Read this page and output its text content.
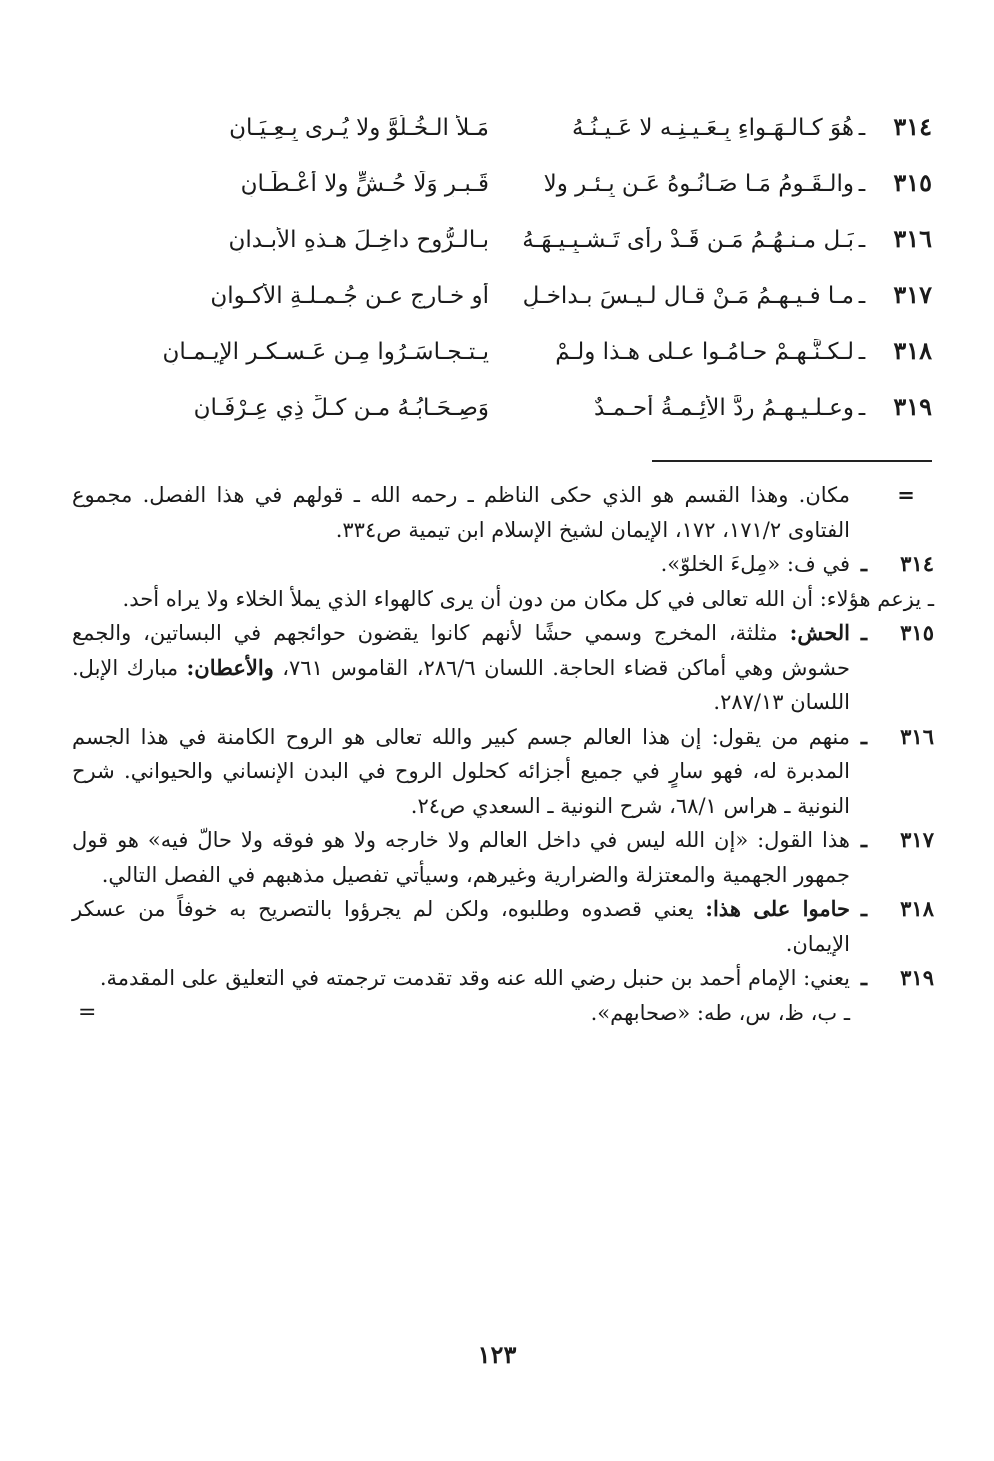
٣١٤
ـ
هُوَ كـالـهَـواءِ بِـعَـيـنِـه لا عَـيـنُـهُ
مَـلأ الـخُـلُوَّ ولا يُـرى بِـعِـيَـانِ
٣١٥
ـ
والـقَـومُ مَـا صَـانُـوهُ عَـن بِـئـرٍ ولا
قَـبـرٍ وَلَا حُـشٍّ ولا أعْـطَـانِ
٣١٦
ـ
بَـل مـنـهُـمُ مَـن قَـدْ رأى تَـشـبِـيـهَـهُ
بـالـرُّوحِ داخِـلَ هـذهِ الأبـدانِ
٣١٧
ـ
مـا فـيـهـمُ مَـنْ قـال لـيـسَ بـداخـلٍ
أو خـارجٍ عـن جُـمـلـةِ الأكـوانِ
٣١٨
ـ
لـكـنَّـهـمْ حـامُـوا عـلى هـذا ولـمْ
يـتـجـاسَـرُوا مِـن عَـسـكـرِ الإيـمـانِ
٣١٩
ـ
وعـلـيـهـمُ ردَّ الأئِـمـةُ أحـمـدٌ
وَصِـحَـابُـهُ مـن كـلِّ ذِي عِـرْفَـانِ
=
مكان. وهذا القسم هو الذي حكى الناظم ـ رحمه الله ـ قولهم في هذا الفصل. مجموع الفتاوى ١٧١/٢، ١٧٢، الإيمان لشيخ الإسلام ابن تيمية ص٣٣٤.
٣١٤
ـ
في ف: «مِلءَ الخلوّ».
ـ يزعم هؤلاء: أن الله تعالى في كل مكان من دون أن يرى كالهواء الذي يملأ الخلاء ولا يراه أحد.
٣١٥
ـ
الحش: مثلثة، المخرج وسمي حشًا لأنهم كانوا يقضون حوائجهم في البساتين، والجمع حشوش وهي أماكن قضاء الحاجة. اللسان ٢٨٦/٦، القاموس ٧٦١، والأعطان: مبارك الإبل. اللسان ٢٨٧/١٣.
٣١٦
ـ
منهم من يقول: إن هذا العالم جسم كبير والله تعالى هو الروح الكامنة في هذا الجسم المدبرة له، فهو سارٍ في جميع أجزائه كحلول الروح في البدن الإنساني والحيواني. شرح النونية ـ هراس ٦٨/١، شرح النونية ـ السعدي ص٢٤.
٣١٧
ـ
هذا القول: «إن الله ليس في داخل العالم ولا خارجه ولا هو فوقه ولا حالّ فيه» هو قول جمهور الجهمية والمعتزلة والضرارية وغيرهم، وسيأتي تفصيل مذهبهم في الفصل التالي.
٣١٨
ـ
حاموا على هذا: يعني قصدوه وطلبوه، ولكن لم يجرؤوا بالتصريح به خوفاً من عسكر الإيمان.
٣١٩
ـ
يعني: الإمام أحمد بن حنبل رضي الله عنه وقد تقدمت ترجمته في التعليق على المقدمة.
ـ ب، ظ، س، طه: «صحابهم».
=
١٢٣
